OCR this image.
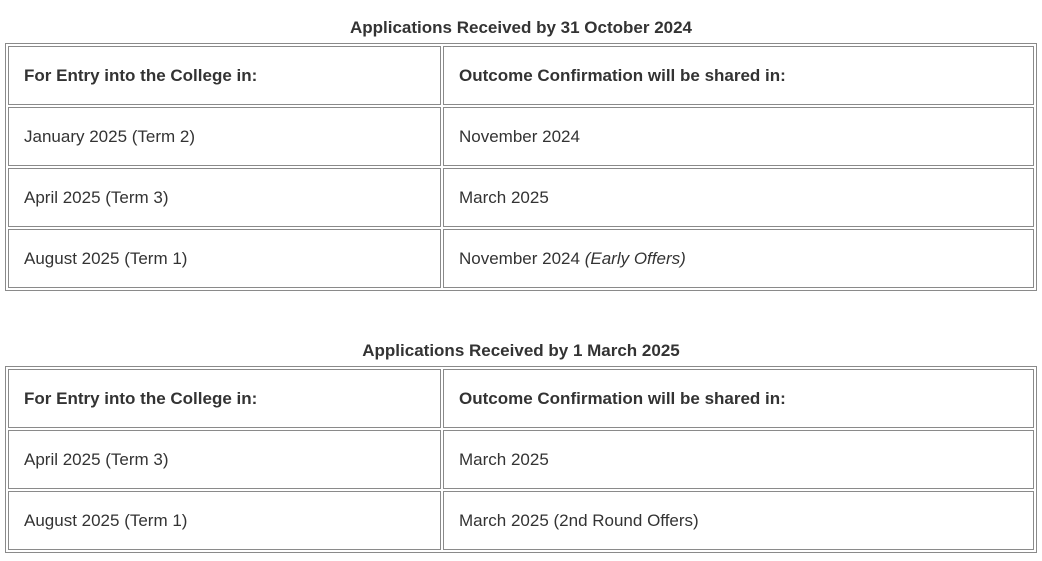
Applications Received by 31 October 2024
For Entry into the College in:	Outcome Confirmation will be shared in:
January 2025 (Term 2)	November 2024
April 2025 (Term 3)	March 2025
August 2025 (Term 1)	November 2024 (Early Offers)
Applications Received by 1 March 2025
For Entry into the College in:	Outcome Confirmation will be shared in:
April 2025 (Term 3)	March 2025
August 2025 (Term 1)	March 2025 (2nd Round Offers)
